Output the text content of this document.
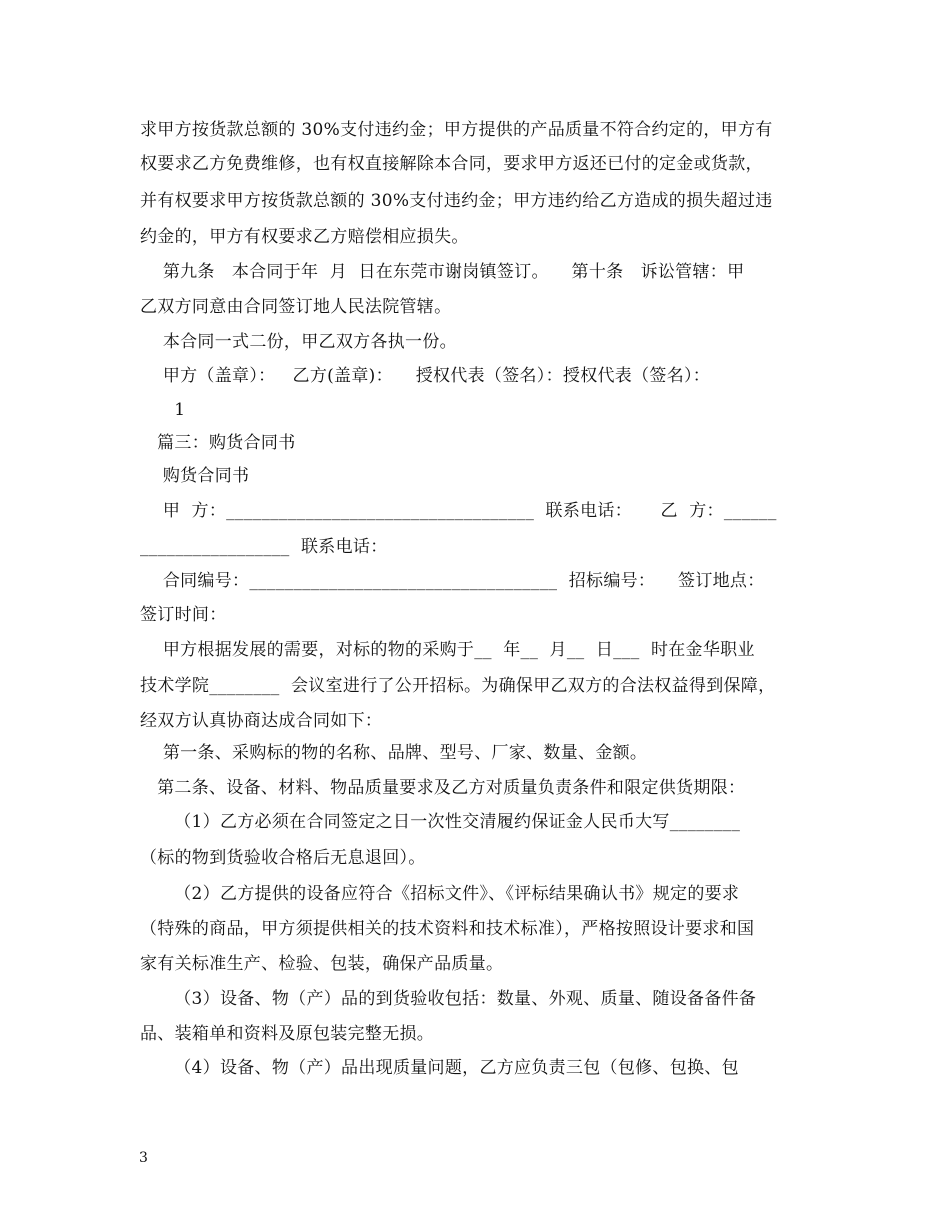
求甲方按货款总额的 30%支付违约金；甲方提供的产品质量不符合约定的，甲方有
权要求乙方免费维修，也有权直接解除本合同，要求甲方返还已付的定金或货款，
并有权要求甲方按货款总额的 30%支付违约金；甲方违约给乙方造成的损失超过违
约金的，甲方有权要求乙方赔偿相应损失。
第九条   本合同于年  月  日在东莞市谢岗镇签订。    第十条   诉讼管辖：甲
乙双方同意由合同签订地人民法院管辖。
本合同一式二份，甲乙双方各执一份。
甲方（盖章）：   乙方(盖章)：    授权代表（签名）：授权代表（签名）：
1
篇三：购货合同书
购货合同书
甲  方：___________________________________  联系电话：     乙  方：______
_________________  联系电话：
合同编号：___________________________________  招标编号：    签订地点：
签订时间：
甲方根据发展的需要，对标的物的采购于__  年__  月__  日___  时在金华职业
技术学院________  会议室进行了公开招标。为确保甲乙双方的合法权益得到保障，
经双方认真协商达成合同如下：
第一条、采购标的物的名称、品牌、型号、厂家、数量、金额。
第二条、设备、材料、物品质量要求及乙方对质量负责条件和限定供货期限：
（1）乙方必须在合同签定之日一次性交清履约保证金人民币大写________
（标的物到货验收合格后无息退回）。
（2）乙方提供的设备应符合《招标文件》、《评标结果确认书》规定的要求
（特殊的商品，甲方须提供相关的技术资料和技术标准），严格按照设计要求和国
家有关标准生产、检验、包装，确保产品质量。
（3）设备、物（产）品的到货验收包括：数量、外观、质量、随设备备件备
品、装箱单和资料及原包装完整无损。
（4）设备、物（产）品出现质量问题，乙方应负责三包（包修、包换、包
3
